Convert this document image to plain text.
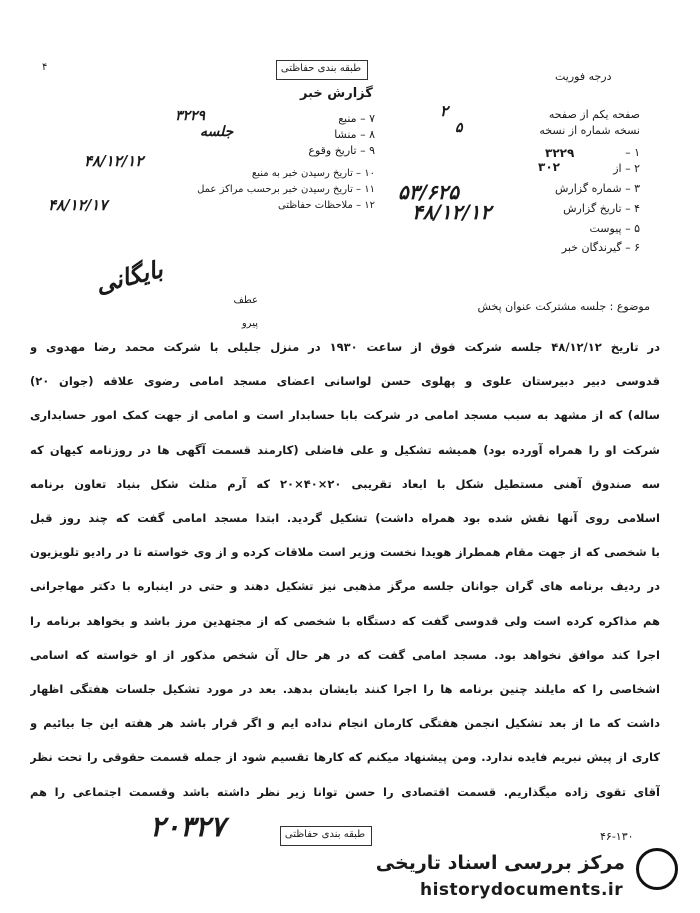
۴	طبقه بندی حفاظتی
درجه فوریت
گزارش خبر
۷ – منبع
۳۲۲۹
۸ – منشا
جلسه
۹ – تاریخ وقوع
۴۸/۱۲/۱۲
۱۰ – تاریخ رسیدن خبر به منبع
۱۱ – تاریخ رسیدن خبر برحسب مراکز عمل
۱۲ – ملاحظات حفاظتی
۴۸/۱۲/۱۷
صفحه یکم از صفحه
۲
نسخه شماره از نسخه
۵
۱ –
۳۲۲۹
۲ – از
۳۰۲
۳ – شماره گزارش
۴ – تاریخ گزارش
۵ – پیوست
۶ – گیرندگان خبر
۵۳/۶۲۵
۴۸/۱۲/۱۲
بایگانی
عطف
پیرو
موضوع : جلسه مشترکت عنوان پخش
در تاریخ ۴۸/۱۲/۱۲ جلسه شرکت فوق از ساعت ۱۹۳۰ در منزل جلیلی با شرکت محمد رضا مهدوی و
قدوسی دبیر دبیرستان علوی و پهلوی حسن لواسانی اعضای مسجد امامی رضوی علاقه (جوان ۲۰)
ساله) که از مشهد به سبب مسجد امامی در شرکت بابا حسابدار است و امامی از جهت کمک امور حسابداری
شرکت او را همراه آورده بود) همیشه تشکیل و علی فاضلی (کارمند قسمت آگهی ها در روزنامه کیهان که
سه صندوق آهنی مستطیل شکل با ابعاد تقریبی ۲۰×۴۰×۲۰ که آرم مثلث شکل بنیاد تعاون برنامه
اسلامی روی آنها نقش شده بود همراه داشت) تشکیل گردید. ابتدا مسجد امامی گفت که چند روز قبل
با شخصی که از جهت مقام همطراز هویدا نخست وزیر است ملاقات کرده و از وی خواسته تا در رادیو تلویزیون
در ردیف برنامه های گران جوانان جلسه مرگز مذهبی نیز تشکیل دهند و حتی در اینباره با دکتر مهاجرانی
هم مذاکره کرده است ولی قدوسی گفت که دستگاه با شخصی که از مجتهدین مرز باشد و بخواهد برنامه را
اجرا کند موافق نخواهد بود. مسجد امامی گفت که در هر حال آن شخص مذکور از او خواسته که اسامی
اشخاصی را که مایلند چنین برنامه ها را اجرا کنند بایشان بدهد. بعد در مورد تشکیل جلسات هفتگی اظهار
داشت که ما از بعد تشکیل انجمن هفتگی کارمان انجام نداده ایم و اگر قرار باشد هر هفته این جا بیائیم و
کاری از پیش نبریم فایده ندارد. ومن پیشنهاد میکنم که کارها تقسیم شود از جمله قسمت حقوقی را تحت نظر
آقای تقوی زاده میگذاریم. قسمت اقتصادی را حسن توانا زیر نظر داشته باشد وقسمت اجتماعی را هم
طبقه بندی حفاظتی
۲۰۳۲۷	۴۶-۱۳۰
مرکز بررسی اسناد تاریخی
historydocuments.ir
